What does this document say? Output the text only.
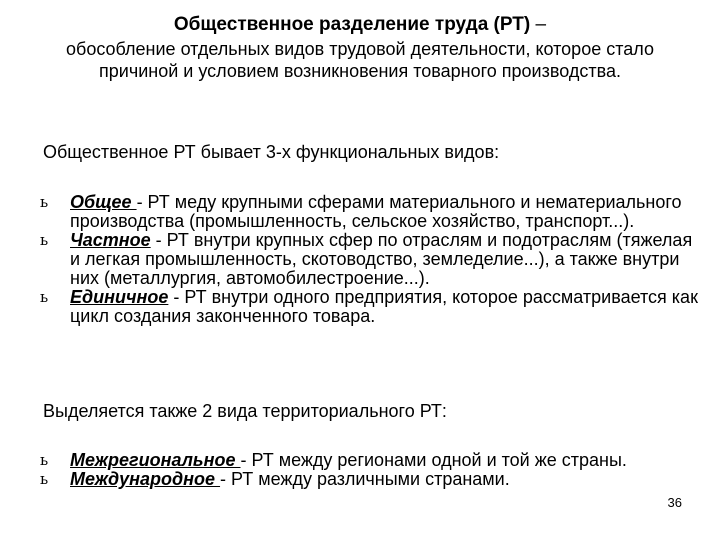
Общественное разделение труда (РТ) –
обособление отдельных видов трудовой деятельности, которое стало причиной и условием возникновения товарного производства.
Общественное РТ бывает 3-х функциональных видов:
ь Общее - РТ меду крупными сферами материального и нематериального производства (промышленность, сельское хозяйство, транспорт...).
ь Частное - РТ внутри крупных сфер по отраслям и подотраслям (тяжелая и легкая промышленность, скотоводство, земледелие...), а также внутри них (металлургия, автомобилестроение...).
ь Единичное - РТ внутри одного предприятия, которое рассматривается как цикл создания законченного товара.
Выделяется также 2 вида территориального РТ:
ь Межрегиональное - РТ между регионами одной и той же страны.
ь Международное - РТ между различными странами.
36
